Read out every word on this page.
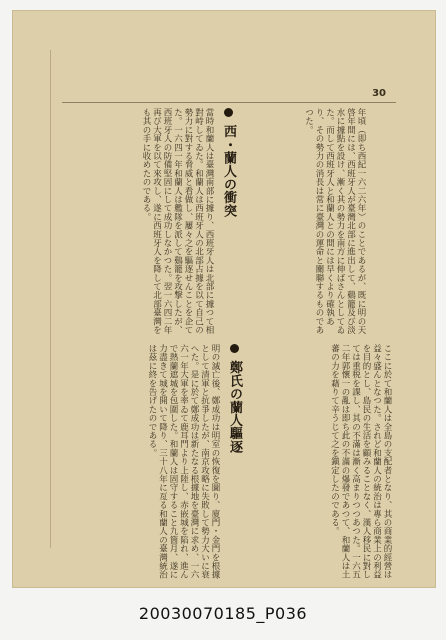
30
年頃（即ち西紀一六二六年）のことであるが、既に明の天啓年間には、西班牙人が臺灣北部に進出して、鷄籠及び淡水に據點を設け、漸く其の勢力を南方に伸ばさんとしてゐた。而して西班牙人と和蘭人との間には早くより確執あり、その勢力の消長は常に臺灣の運命と關聯するものであつた。
西・蘭人の衝突
當時和蘭人は臺灣南部に據り、西班牙人は北部に據つて相對峙してゐた。和蘭人は西班牙人の北部占據を以て自己の勢力に對する脅威と看做し、屢々之を驅逐せんことを企てた。一六四一年和蘭人は艦隊を派して鷄籠を攻撃したが、西班牙人の防備堅固にして成功しなかつた。翌一六四二年再び大軍を以て來攻し、遂に西班牙人を降して北部臺灣をも其の手に收めたのである。
ここに於て和蘭人は全島の支配者となり、其の商業的經營は益々盛んとなつた。されど和蘭人の統治は專ら商業上の利益を目的とし、島民の生活を顧みることなく、漢人移民に對しては重税を課し、其の不滿は漸く高まりつつあつた。一六五二年郭懷一の亂は即ち此の不滿の爆發であつて、和蘭人は土蕃の力を藉りて辛うじて之を鎭定したのである。
鄭氏の蘭人驅逐
明の滅亡後、鄭成功は明室の恢復を圖り、廈門・金門を根據として清軍と抗爭したが、南京攻略に失敗して勢力大いに衰へた。是に於て鄭成功は新たなる根據地を臺灣に求め、一六六一年大軍を率ゐて鹿耳門より上陸し、赤嵌城を陷れ、進んで熱蘭遮城を包圍した。和蘭人は固守すること九箇月、遂に力盡きて城を開いて降り、三十八年に亙る和蘭人の臺灣統治は茲に終を告げたのである。
20030070185_P036
